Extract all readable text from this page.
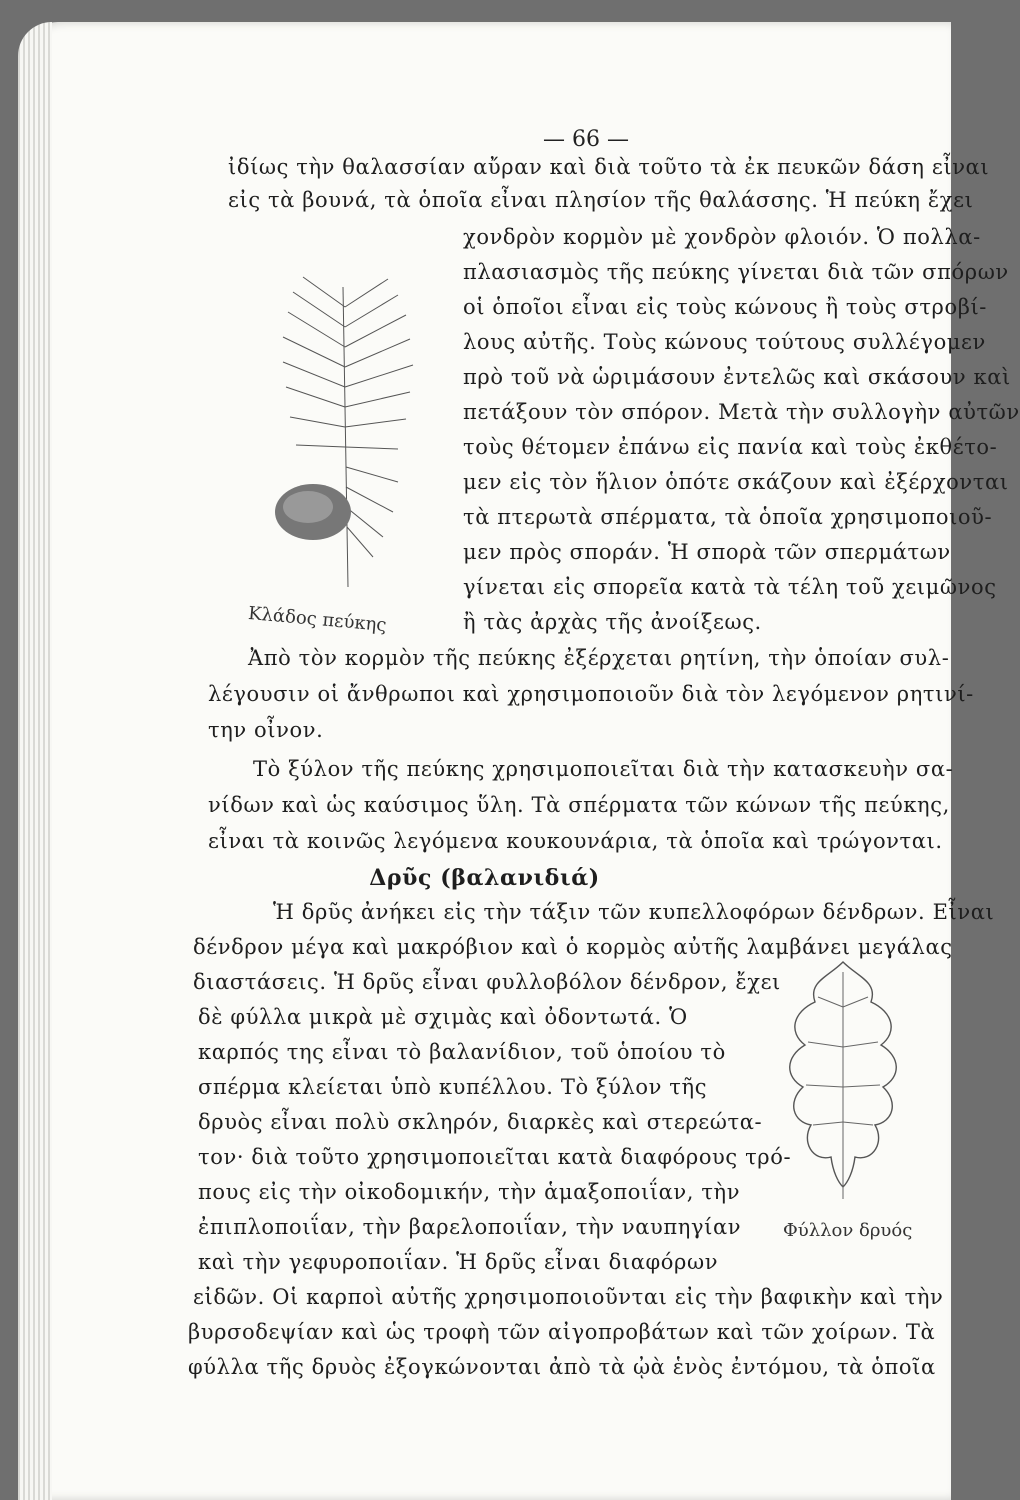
— 66 —
ἰδίως τὴν θαλασσίαν αὔραν καὶ διὰ τοῦτο τὰ ἐκ πευκῶν δάση εἶναι
εἰς τὰ βουνά, τὰ ὁποῖα εἶναι πλησίον τῆς θαλάσσης. Ἡ πεύκη ἔχει
Κλάδος πεύκης
χονδρὸν κορμὸν μὲ χονδρὸν φλοιόν. Ὁ πολλα-
πλασιασμὸς τῆς πεύκης γίνεται διὰ τῶν σπόρων
οἱ ὁποῖοι εἶναι εἰς τοὺς κώνους ἢ τοὺς στροβί-
λους αὐτῆς. Τοὺς κώνους τούτους συλλέγομεν
πρὸ τοῦ νὰ ὡριμάσουν ἐντελῶς καὶ σκάσουν καὶ
πετάξουν τὸν σπόρον. Μετὰ τὴν συλλογὴν αὐτῶν
τοὺς θέτομεν ἐπάνω εἰς πανία καὶ τοὺς ἐκθέτο-
μεν εἰς τὸν ἥλιον ὁπότε σκάζουν καὶ ἐξέρχονται
τὰ πτερωτὰ σπέρματα, τὰ ὁποῖα χρησιμοποιοῦ-
μεν πρὸς σποράν. Ἡ σπορὰ τῶν σπερμάτων
γίνεται εἰς σπορεῖα κατὰ τὰ τέλη τοῦ χειμῶνος
ἢ τὰς ἀρχὰς τῆς ἀνοίξεως.
Ἀπὸ τὸν κορμὸν τῆς πεύκης ἐξέρχεται ρητίνη, τὴν ὁποίαν συλ-
λέγουσιν οἱ ἄνθρωποι καὶ χρησιμοποιοῦν διὰ τὸν λεγόμενον ρητινί-
την οἶνον.
Τὸ ξύλον τῆς πεύκης χρησιμοποιεῖται διὰ τὴν κατασκευὴν σα-
νίδων καὶ ὡς καύσιμος ὕλη. Τὰ σπέρματα τῶν κώνων τῆς πεύκης,
εἶναι τὰ κοινῶς λεγόμενα κουκουνάρια, τὰ ὁποῖα καὶ τρώγονται.
Δρῦς (βαλανιδιά)
Ἡ δρῦς ἀνήκει εἰς τὴν τάξιν τῶν κυπελλοφόρων δένδρων. Εἶναι
δένδρον μέγα καὶ μακρόβιον καὶ ὁ κορμὸς αὐτῆς λαμβάνει μεγάλας
διαστάσεις. Ἡ δρῦς εἶναι φυλλοβόλον δένδρον, ἔχει
δὲ φύλλα μικρὰ μὲ σχιμὰς καὶ ὀδοντωτά. Ὁ
καρπός της εἶναι τὸ βαλανίδιον, τοῦ ὁποίου τὸ
σπέρμα κλείεται ὑπὸ κυπέλλου. Τὸ ξύλον τῆς
δρυὸς εἶναι πολὺ σκληρόν, διαρκὲς καὶ στερεώτα-
τον· διὰ τοῦτο χρησιμοποιεῖται κατὰ διαφόρους τρό-
πους εἰς τὴν οἰκοδομικήν, τὴν ἁμαξοποιΐαν, τὴν
ἐπιπλοποιΐαν, τὴν βαρελοποιΐαν, τὴν ναυπηγίαν
καὶ τὴν γεφυροποιΐαν. Ἡ δρῦς εἶναι διαφόρων
Φύλλον δρυός
εἰδῶν. Οἱ καρποὶ αὐτῆς χρησιμοποιοῦνται εἰς τὴν βαφικὴν καὶ τὴν
βυρσοδεψίαν καὶ ὡς τροφὴ τῶν αἰγοπροβάτων καὶ τῶν χοίρων. Τὰ
φύλλα τῆς δρυὸς ἐξογκώνονται ἀπὸ τὰ ᾠὰ ἑνὸς ἐντόμου, τὰ ὁποῖα
